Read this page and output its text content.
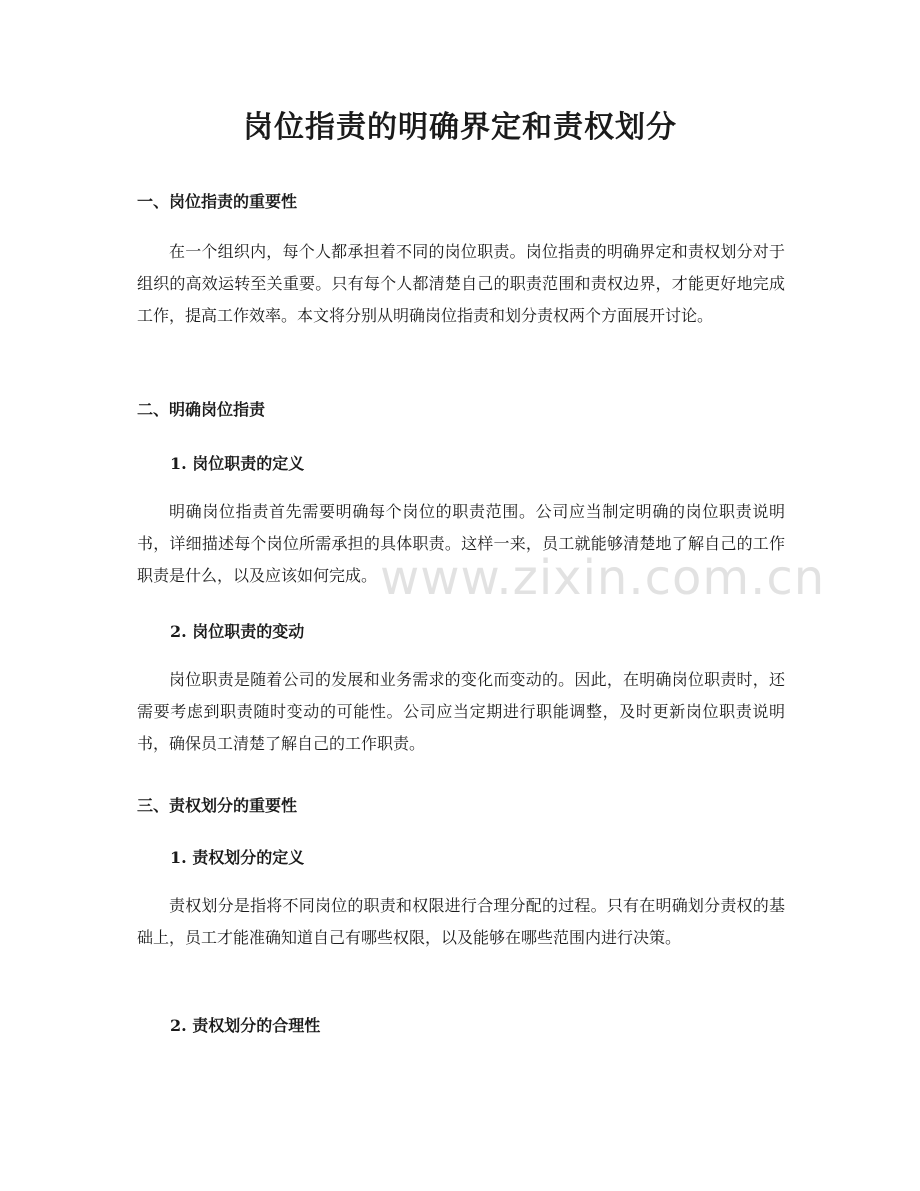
岗位指责的明确界定和责权划分
一、岗位指责的重要性

在一个组织内，每个人都承担着不同的岗位职责。岗位指责的明确界定和责权划分对于组织的高效运转至关重要。只有每个人都清楚自己的职责范围和责权边界，才能更好地完成工作，提高工作效率。本文将分别从明确岗位指责和划分责权两个方面展开讨论。

二、明确岗位指责
1. 岗位职责的定义

明确岗位指责首先需要明确每个岗位的职责范围。公司应当制定明确的岗位职责说明书，详细描述每个岗位所需承担的具体职责。这样一来，员工就能够清楚地了解自己的工作职责是什么，以及应该如何完成。

2. 岗位职责的变动

岗位职责是随着公司的发展和业务需求的变化而变动的。因此，在明确岗位职责时，还需要考虑到职责随时变动的可能性。公司应当定期进行职能调整，及时更新岗位职责说明书，确保员工清楚了解自己的工作职责。

三、责权划分的重要性
1. 责权划分的定义

责权划分是指将不同岗位的职责和权限进行合理分配的过程。只有在明确划分责权的基础上，员工才能准确知道自己有哪些权限，以及能够在哪些范围内进行决策。

2. 责权划分的合理性
www.zixin.com.cn
